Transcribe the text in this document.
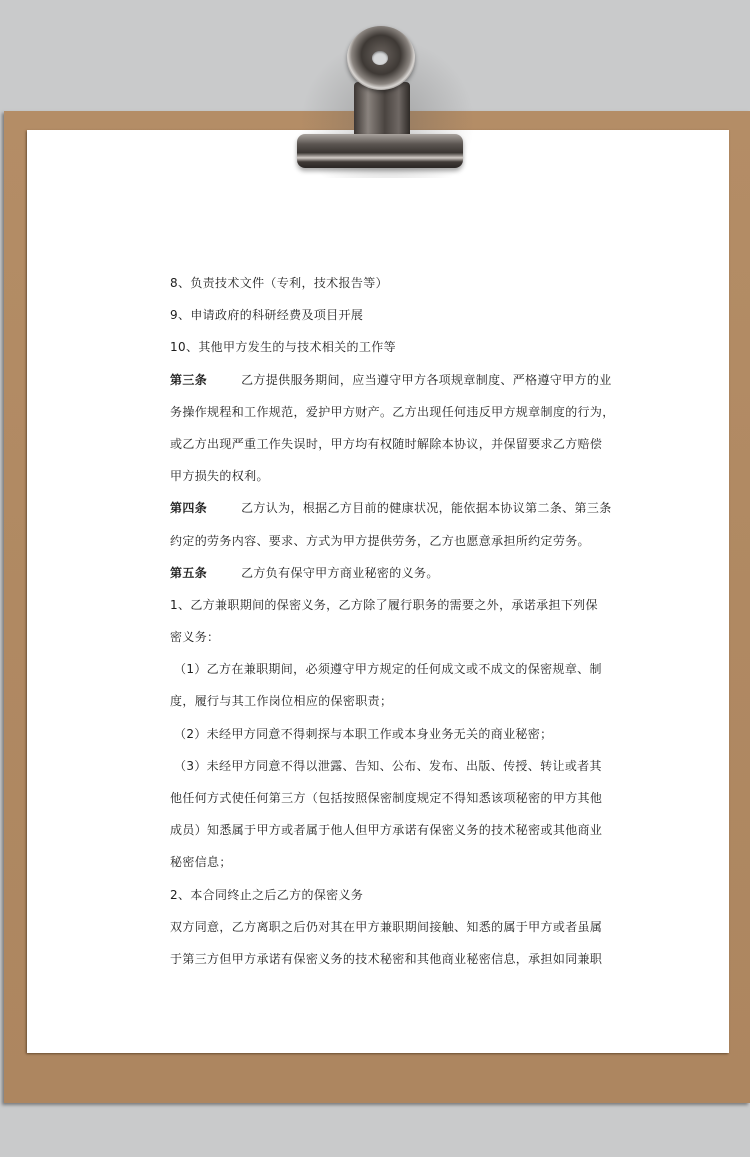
8、负责技术文件（专利，技术报告等）
9、申请政府的科研经费及项目开展
10、其他甲方发生的与技术相关的工作等
第三条	乙方提供服务期间，应当遵守甲方各项规章制度、严格遵守甲方的业
务操作规程和工作规范，爱护甲方财产。乙方出现任何违反甲方规章制度的行为，
或乙方出现严重工作失误时，甲方均有权随时解除本协议，并保留要求乙方赔偿
甲方损失的权利。
第四条	乙方认为，根据乙方目前的健康状况，能依据本协议第二条、第三条
约定的劳务内容、要求、方式为甲方提供劳务，乙方也愿意承担所约定劳务。
第五条	乙方负有保守甲方商业秘密的义务。
1、乙方兼职期间的保密义务，乙方除了履行职务的需要之外，承诺承担下列保
密义务：
（1）乙方在兼职期间，必须遵守甲方规定的任何成文或不成文的保密规章、制
度，履行与其工作岗位相应的保密职责；
（2）未经甲方同意不得刺探与本职工作或本身业务无关的商业秘密；
（3）未经甲方同意不得以泄露、告知、公布、发布、出版、传授、转让或者其
他任何方式使任何第三方（包括按照保密制度规定不得知悉该项秘密的甲方其他
成员）知悉属于甲方或者属于他人但甲方承诺有保密义务的技术秘密或其他商业
秘密信息；
2、本合同终止之后乙方的保密义务
双方同意，乙方离职之后仍对其在甲方兼职期间接触、知悉的属于甲方或者虽属
于第三方但甲方承诺有保密义务的技术秘密和其他商业秘密信息，承担如同兼职
